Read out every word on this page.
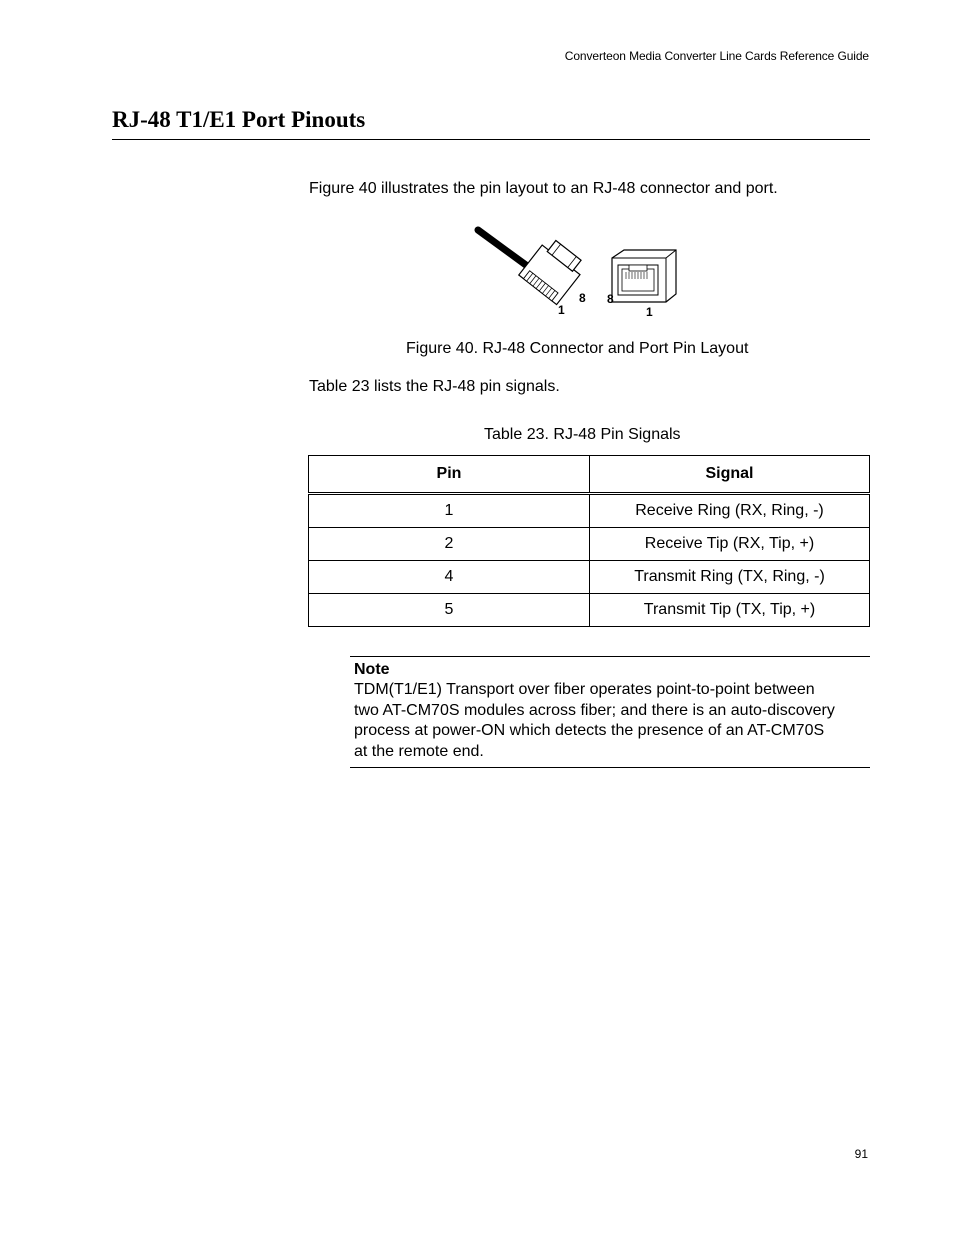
Converteon Media Converter Line Cards Reference Guide
RJ-48 T1/E1 Port Pinouts

Figure 40 illustrates the pin layout to an RJ-48 connector and port.

1
8 8
1

Figure 40. RJ-48 Connector and Port Pin Layout

Table 23 lists the RJ-48 pin signals.

Table 23. RJ-48 Pin Signals

Pin	Signal
1	Receive Ring (RX, Ring, -)
2	Receive Tip (RX, Tip, +)
4	Transmit Ring (TX, Ring, -)
5	Transmit Tip (TX, Tip, +)

Note

TDM(T1/E1) Transport over fiber operates point-to-point between
two AT-CM70S modules across fiber; and there is an auto-discovery
process at power-ON which detects the presence of an AT-CM70S
at the remote end.

91
